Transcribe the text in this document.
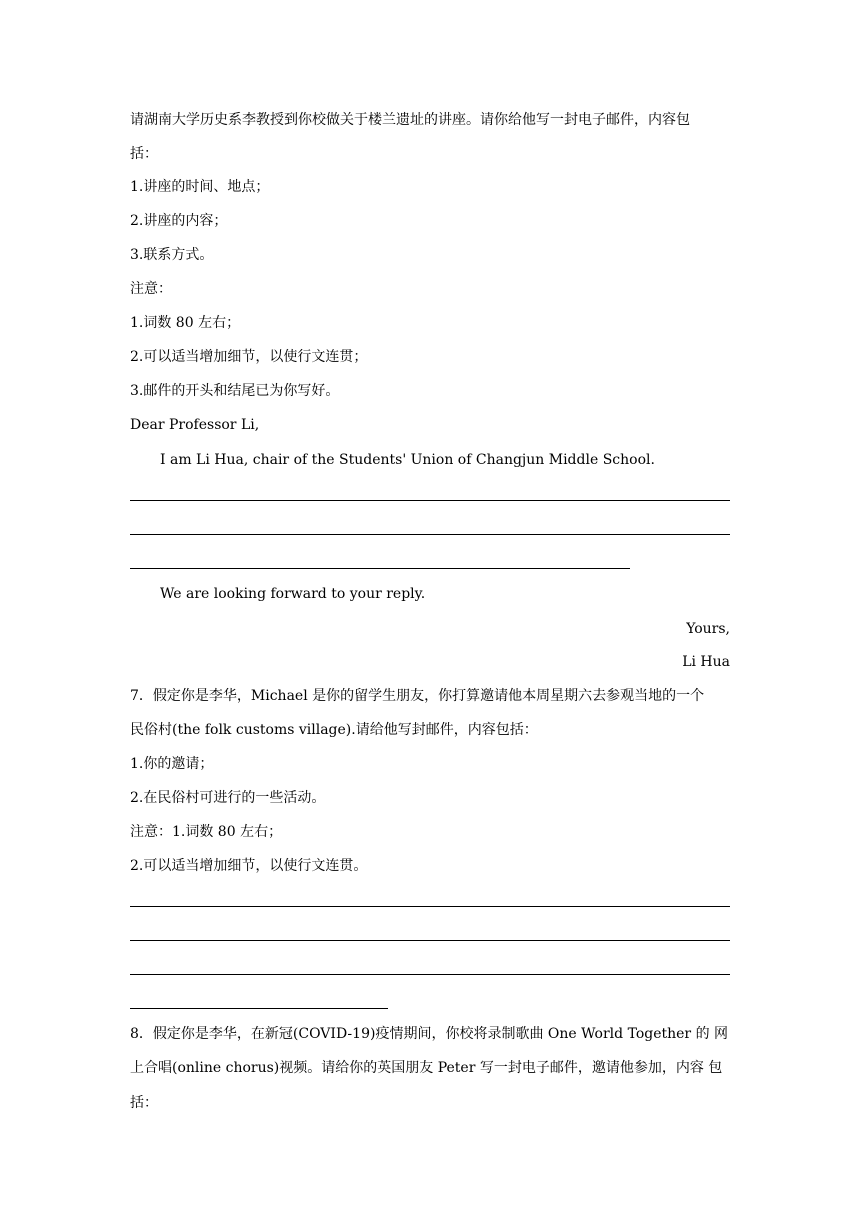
请湖南大学历史系李教授到你校做关于楼兰遗址的讲座。请你给他写一封电子邮件，内容包
括：
1.讲座的时间、地点；
2.讲座的内容；
3.联系方式。
注意：
1.词数 80 左右；
2.可以适当增加细节，以使行文连贯；
3.邮件的开头和结尾已为你写好。
Dear Professor Li,
I am Li Hua, chair of the Students' Union of Changjun Middle School.
We are looking forward to your reply.
Yours,
Li Hua
7．假定你是李华，Michael 是你的留学生朋友，你打算邀请他本周星期六去参观当地的一个
民俗村(the folk customs village).请给他写封邮件，内容包括：
1.你的邀请；
2.在民俗村可进行的一些活动。
注意：1.词数 80 左右；
2.可以适当增加细节，以使行文连贯。
8．假定你是李华，在新冠(COVID-19)疫情期间，你校将录制歌曲 One World Together 的 网
上合唱(online chorus)视频。请给你的英国朋友 Peter 写一封电子邮件，邀请他参加，内容 包
括：
